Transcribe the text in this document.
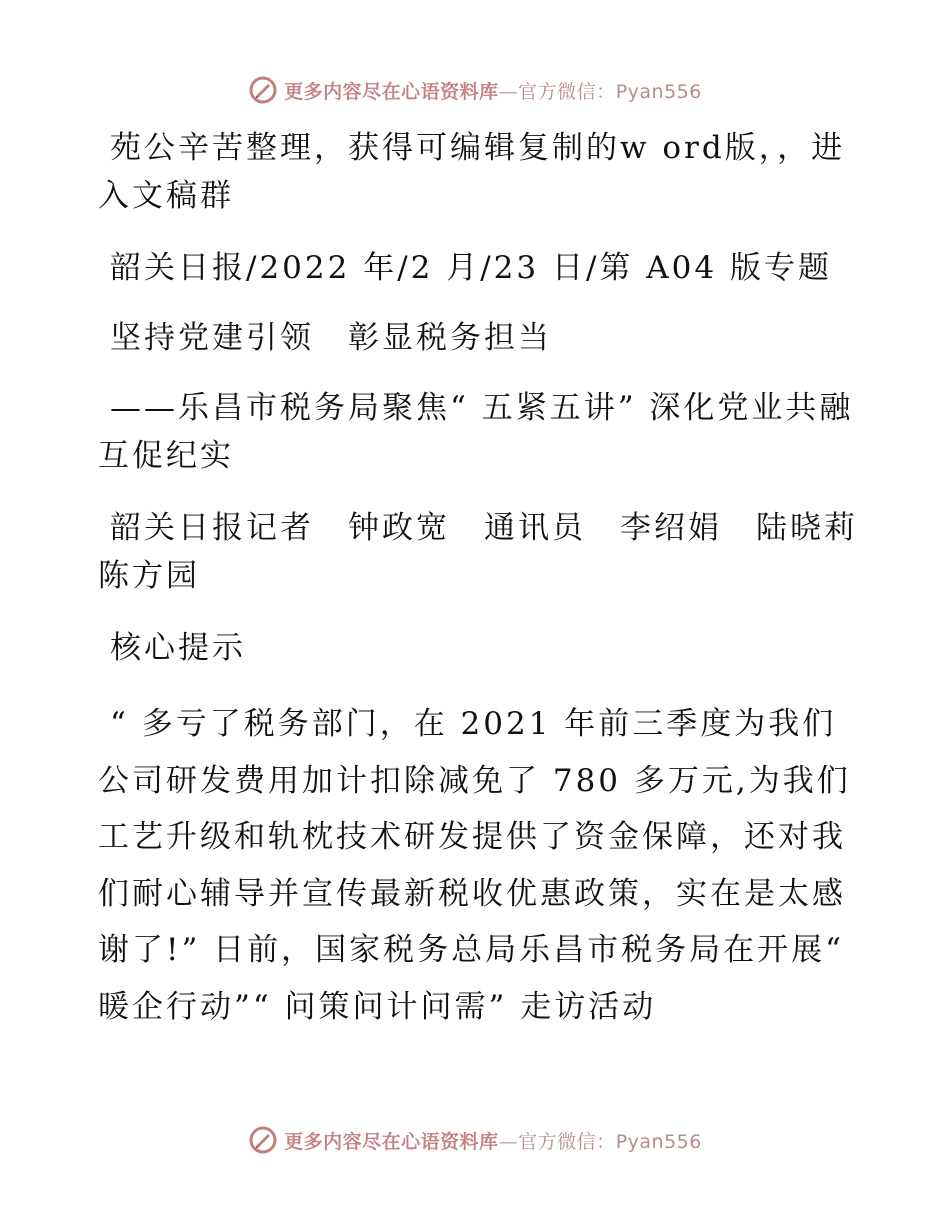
更多内容尽在心语资料库—官方微信：Pyan556

苑公辛苦整理，获得可编辑复制的w ord版，，进入文稿群

韶关日报/2022 年/2 月/23 日/第 A04 版专题

坚持党建引领　彰显税务担当

——乐昌市税务局聚焦“ 五紧五讲” 深化党业共融互促纪实

韶关日报记者　钟政宽　通讯员　李绍娟　陆晓莉　陈方园

核心提示

“ 多亏了税务部门，在 2021 年前三季度为我们公司研发费用加计扣除减免了 780 多万元,为我们工艺升级和轨枕技术研发提供了资金保障，还对我们耐心辅导并宣传最新税收优惠政策，实在是太感谢了!” 日前，国家税务总局乐昌市税务局在开展“ 暖企行动”“ 问策问计问需” 走访活动

更多内容尽在心语资料库—官方微信：Pyan556
